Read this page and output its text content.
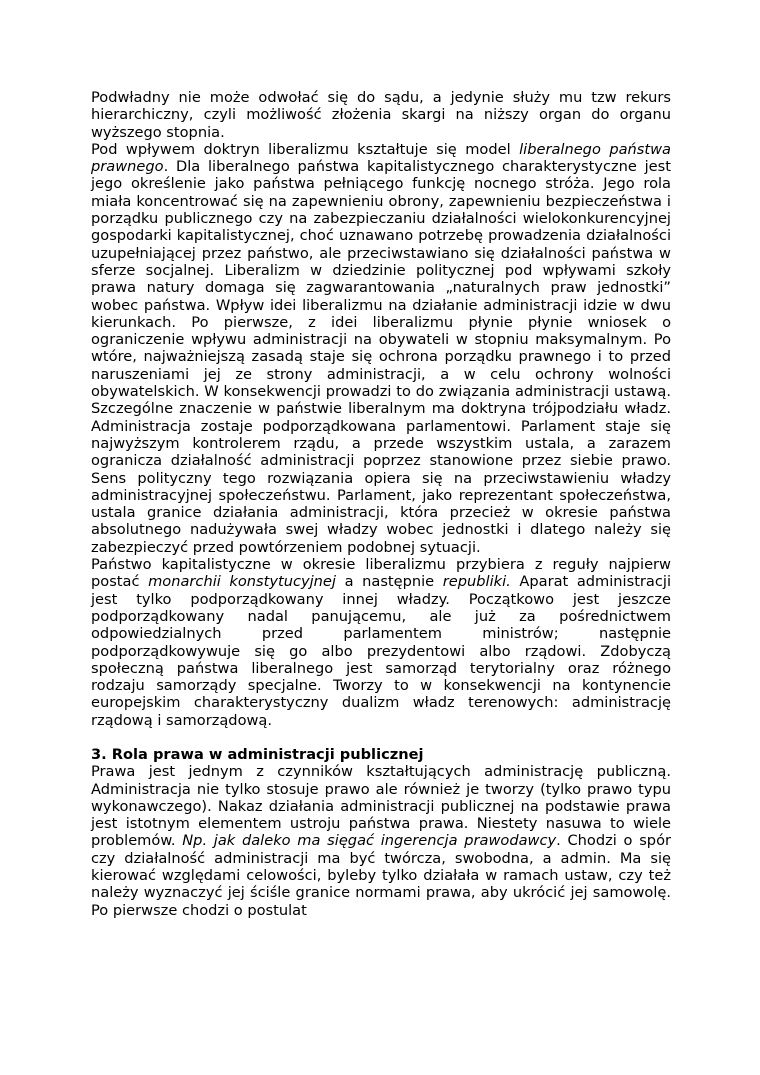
Podwładny nie może odwołać się do sądu, a jedynie służy mu tzw rekurs hierarchiczny, czyli możliwość złożenia skargi na niższy organ do organu wyższego stopnia.

Pod wpływem doktryn liberalizmu kształtuje się model liberalnego państwa prawnego. Dla liberalnego państwa kapitalistycznego charakterystyczne jest jego określenie jako państwa pełniącego funkcję nocnego stróża. Jego rola miała koncentrować się na zapewnieniu obrony, zapewnieniu bezpieczeństwa i porządku publicznego czy na zabezpieczaniu działalności wielokonkurencyjnej gospodarki kapitalistycznej, choć uznawano potrzebę prowadzenia działalności uzupełniającej przez państwo, ale przeciwstawiano się działalności państwa w sferze socjalnej. Liberalizm w dziedzinie politycznej pod wpływami szkoły prawa natury domaga się zagwarantowania „naturalnych praw jednostki” wobec państwa. Wpływ idei liberalizmu na działanie administracji idzie w dwu kierunkach. Po pierwsze, z idei liberalizmu płynie płynie wniosek o ograniczenie wpływu administracji na obywateli w stopniu maksymalnym. Po wtóre, najważniejszą zasadą staje się ochrona porządku prawnego i to przed naruszeniami jej ze strony administracji, a w celu ochrony wolności obywatelskich. W konsekwencji prowadzi to do związania administracji ustawą. Szczególne znaczenie w państwie liberalnym ma doktryna trójpodziału władz. Administracja zostaje podporządkowana parlamentowi. Parlament staje się najwyższym kontrolerem rządu, a przede wszystkim ustala, a zarazem ogranicza działalność administracji poprzez stanowione przez siebie prawo. Sens polityczny tego rozwiązania opiera się na przeciwstawieniu władzy administracyjnej społeczeństwu. Parlament, jako reprezentant społeczeństwa, ustala granice działania administracji, która przecież w okresie państwa absolutnego nadużywała swej władzy wobec jednostki i dlatego należy się zabezpieczyć przed powtórzeniem podobnej sytuacji.

Państwo kapitalistyczne w okresie liberalizmu przybiera z reguły najpierw postać monarchii konstytucyjnej a następnie republiki. Aparat administracji jest tylko podporządkowany innej władzy. Początkowo jest jeszcze podporządkowany nadal panującemu, ale już za pośrednictwem odpowiedzialnych przed parlamentem ministrów; następnie podporządkowywuje się go albo prezydentowi albo rządowi. Zdobyczą społeczną państwa liberalnego jest samorząd terytorialny oraz różnego rodzaju samorządy specjalne. Tworzy to w konsekwencji na kontynencie europejskim charakterystyczny dualizm władz terenowych: administrację rządową i samorządową.

3. Rola prawa w administracji publicznej

Prawa jest jednym z czynników kształtujących administrację publiczną. Administracja nie tylko stosuje prawo ale również je tworzy (tylko prawo typu wykonawczego). Nakaz działania administracji publicznej na podstawie prawa jest istotnym elementem ustroju państwa prawa. Niestety nasuwa to wiele problemów. Np. jak daleko ma sięgać ingerencja prawodawcy. Chodzi o spór czy działalność administracji ma być twórcza, swobodna, a admin. Ma się kierować względami celowości, byleby tylko działała w ramach ustaw, czy też należy wyznaczyć jej ściśle granice normami prawa, aby ukrócić jej samowolę. Po pierwsze chodzi o postulat
